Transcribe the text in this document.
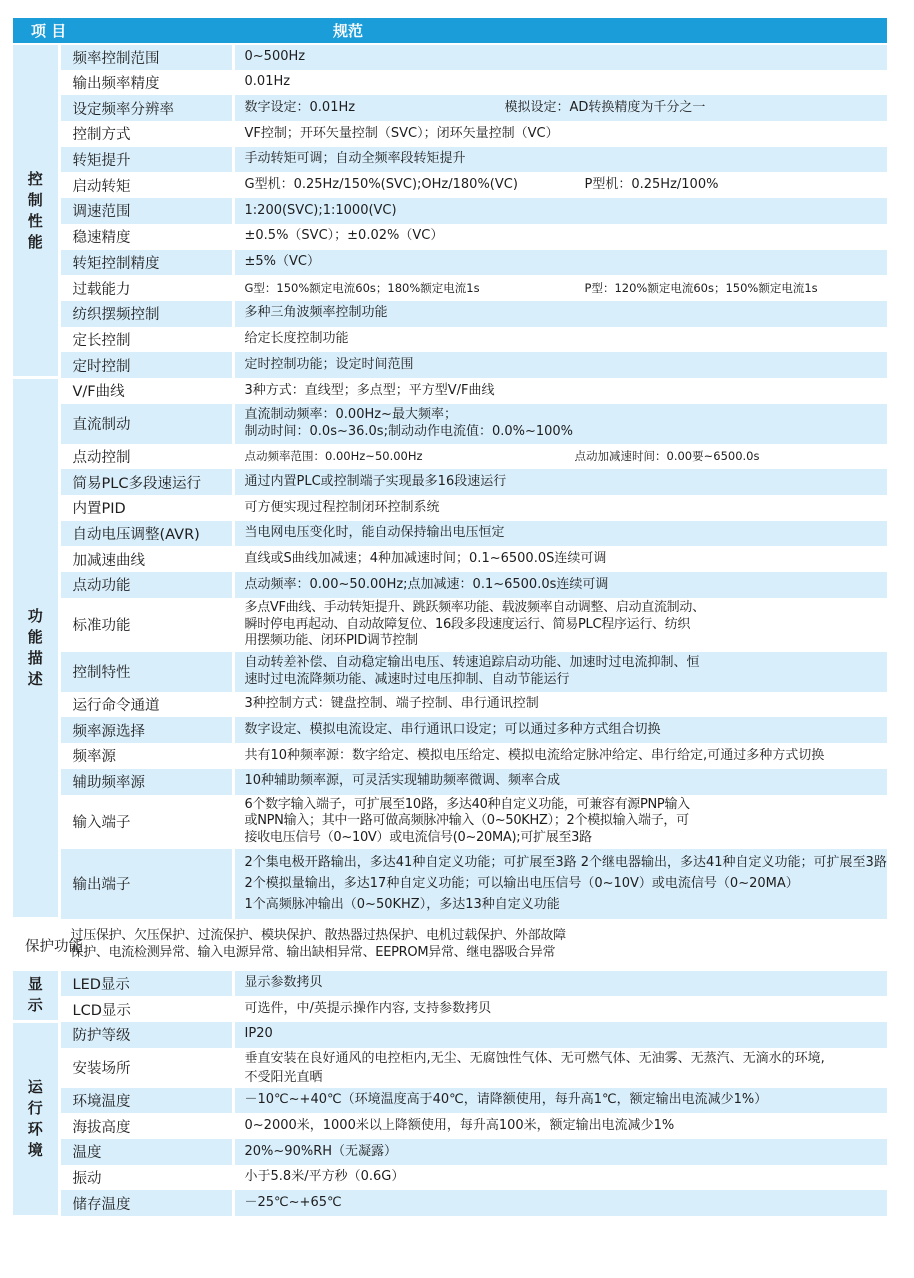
项 目		规范
控制性能	频率控制范围	0~500Hz
	输出频率精度	0.01Hz
	设定频率分辨率	数字设定：0.01Hz 模拟设定：AD转换精度为千分之一

	控制方式	VF控制；开环矢量控制（SVC）；闭环矢量控制（VC）
	转矩提升	手动转矩可调；自动全频率段转矩提升
	启动转矩	G型机：0.25Hz/150%(SVC);OHz/180%(VC) P型机：0.25Hz/100%

	调速范围	1:200(SVC);1:1000(VC)
	稳速精度	±0.5%（SVC）；±0.02%（VC）
	转矩控制精度	±5%（VC）
	过载能力	G型：150%额定电流60s；180%额定电流1s P型：120%额定电流60s；150%额定电流1s

	纺织摆频控制	多种三角波频率控制功能
	定长控制	给定长度控制功能
	定时控制	定时控制功能；设定时间范围
功能描述	V/F曲线	3种方式：直线型；多点型；平方型V/F曲线
	直流制动	直流制动频率：0.00Hz~最大频率；
制动时间：0.0s~36.0s;制动动作电流值：0.0%~100%

	点动控制	点动频率范围：0.00Hz~50.00Hz 点动加减速时间：0.00要~6500.0s

	简易PLC多段速运行	通过内置PLC或控制端子实现最多16段速运行
	内置PID	可方便实现过程控制闭环控制系统
	自动电压调整(AVR)	当电网电压变化时，能自动保持输出电压恒定
	加减速曲线	直线或S曲线加减速；4种加减速时间；0.1~6500.0S连续可调
	点动功能	点动频率：0.00~50.00Hz;点加减速：0.1~6500.0s连续可调
	标准功能	多点VF曲线、手动转矩提升、跳跃频率功能、载波频率自动调整、启动直流制动、
瞬时停电再起动、自动故障复位、16段多段速度运行、简易PLC程序运行、纺织
用摆频功能、闭环PID调节控制

	控制特性	自动转差补偿、自动稳定输出电压、转速追踪启动功能、加速时过电流抑制、恒
速时过电流降频功能、减速时过电压抑制、自动节能运行

	运行命令通道	3种控制方式：键盘控制、端子控制、串行通讯控制
	频率源选择	数字设定、模拟电流设定、串行通讯口设定；可以通过多种方式组合切换
	频率源	共有10种频率源：数字给定、模拟电压给定、模拟电流给定脉冲给定、串行给定,可通过多种方式切换
	辅助频率源	10种辅助频率源，可灵活实现辅助频率微调、频率合成
	输入端子	6个数字输入端子，可扩展至10路，多达40种自定义功能，可兼容有源PNP输入
或NPN输入；其中一路可做高频脉冲输入（0~50KHZ）；2个模拟输入端子，可
接收电压信号（0~10V）或电流信号(0~20MA);可扩展至3路

	输出端子	2个集电极开路输出，多达41种自定义功能；可扩展至3路 2个继电器输出，多达41种自定义功能；可扩展至3路
2个模拟量输出，多达17种自定义功能；可以输出电压信号（0~10V）或电流信号（0~20MA）
1个高频脉冲输出（0~50KHZ），多达13种自定义功能

保护功能	过压保护、欠压保护、过流保护、模块保护、散热器过热保护、电机过载保护、外部故障
保护、电流检测异常、输入电源异常、输出缺相异常、EEPROM异常、继电器吸合异常	

显示	LED显示	显示参数拷贝
	LCD显示	可选件，中/英提示操作内容, 支持参数拷贝
运行环境	防护等级	IP20
	安装场所	垂直安装在良好通风的电控柜内,无尘、无腐蚀性气体、无可燃气体、无油雾、无蒸汽、无滴水的环境,
不受阳光直晒

	环境温度	－10℃~+40℃（环境温度高于40℃，请降额使用，每升高1℃，额定输出电流减少1%）
	海拔高度	0~2000米，1000米以上降额使用，每升高100米，额定输出电流减少1%
	温度	20%~90%RH（无凝露）
	振动	小于5.8米/平方秒（0.6G）
	储存温度	－25℃~+65℃
